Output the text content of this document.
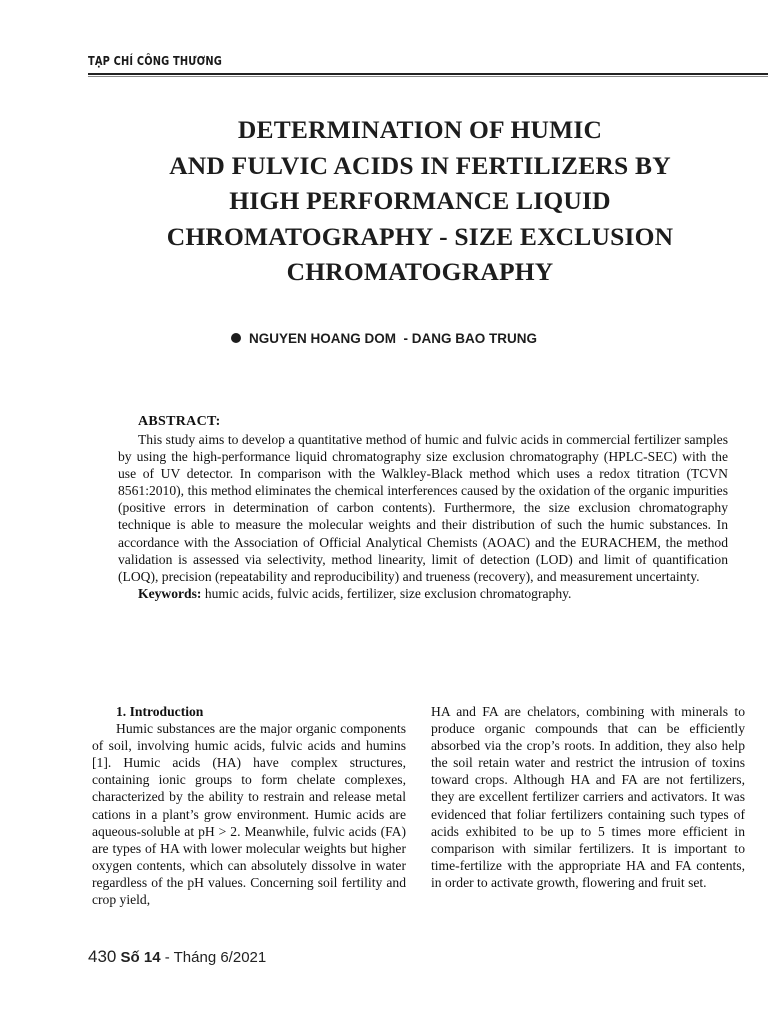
TẠP CHÍ CÔNG THƯƠNG
DETERMINATION OF HUMIC
AND FULVIC ACIDS IN FERTILIZERS BY
HIGH PERFORMANCE LIQUID
CHROMATOGRAPHY - SIZE EXCLUSION
CHROMATOGRAPHY
NGUYEN HOANG DOM  - DANG BAO TRUNG
ABSTRACT:

This study aims to develop a quantitative method of humic and fulvic acids in commercial fertilizer samples by using the high-performance liquid chromatography size exclusion chromatography (HPLC-SEC) with the use of UV detector. In comparison with the Walkley-Black method which uses a redox titration (TCVN 8561:2010), this method eliminates the chemical interferences caused by the oxidation of the organic impurities (positive errors in determination of carbon contents). Furthermore, the size exclusion chromatography technique is able to measure the molecular weights and their distribution of such the humic substances. In accordance with the Association of Official Analytical Chemists (AOAC) and the EURACHEM, the method validation is assessed via selectivity, method linearity, limit of detection (LOD) and limit of quantification (LOQ), precision (repeatability and reproducibility) and trueness (recovery), and measurement uncertainty.

Keywords: humic acids, fulvic acids, fertilizer, size exclusion chromatography.

1. Introduction

Humic substances are the major organic components of soil, involving humic acids, fulvic acids and humins [1]. Humic acids (HA) have complex structures, containing ionic groups to form chelate complexes, characterized by the ability to restrain and release metal cations in a plant’s grow environment. Humic acids are aqueous-soluble at pH > 2. Meanwhile, fulvic acids (FA) are types of HA with lower molecular weights but higher oxygen contents, which can absolutely dissolve in water regardless of the pH values. Concerning soil fertility and crop yield,

HA and FA are chelators, combining with minerals to produce organic compounds that can be efficiently absorbed via the crop’s roots. In addition, they also help the soil retain water and restrict the intrusion of toxins toward crops. Although HA and FA are not fertilizers, they are excellent fertilizer carriers and activators. It was evidenced that foliar fertilizers containing such types of acids exhibited to be up to 5 times more efficient in comparison with similar fertilizers. It is important to time-fertilize with the appropriate HA and FA contents, in order to activate growth, flowering and fruit set.

430 Số 14 - Tháng 6/2021
